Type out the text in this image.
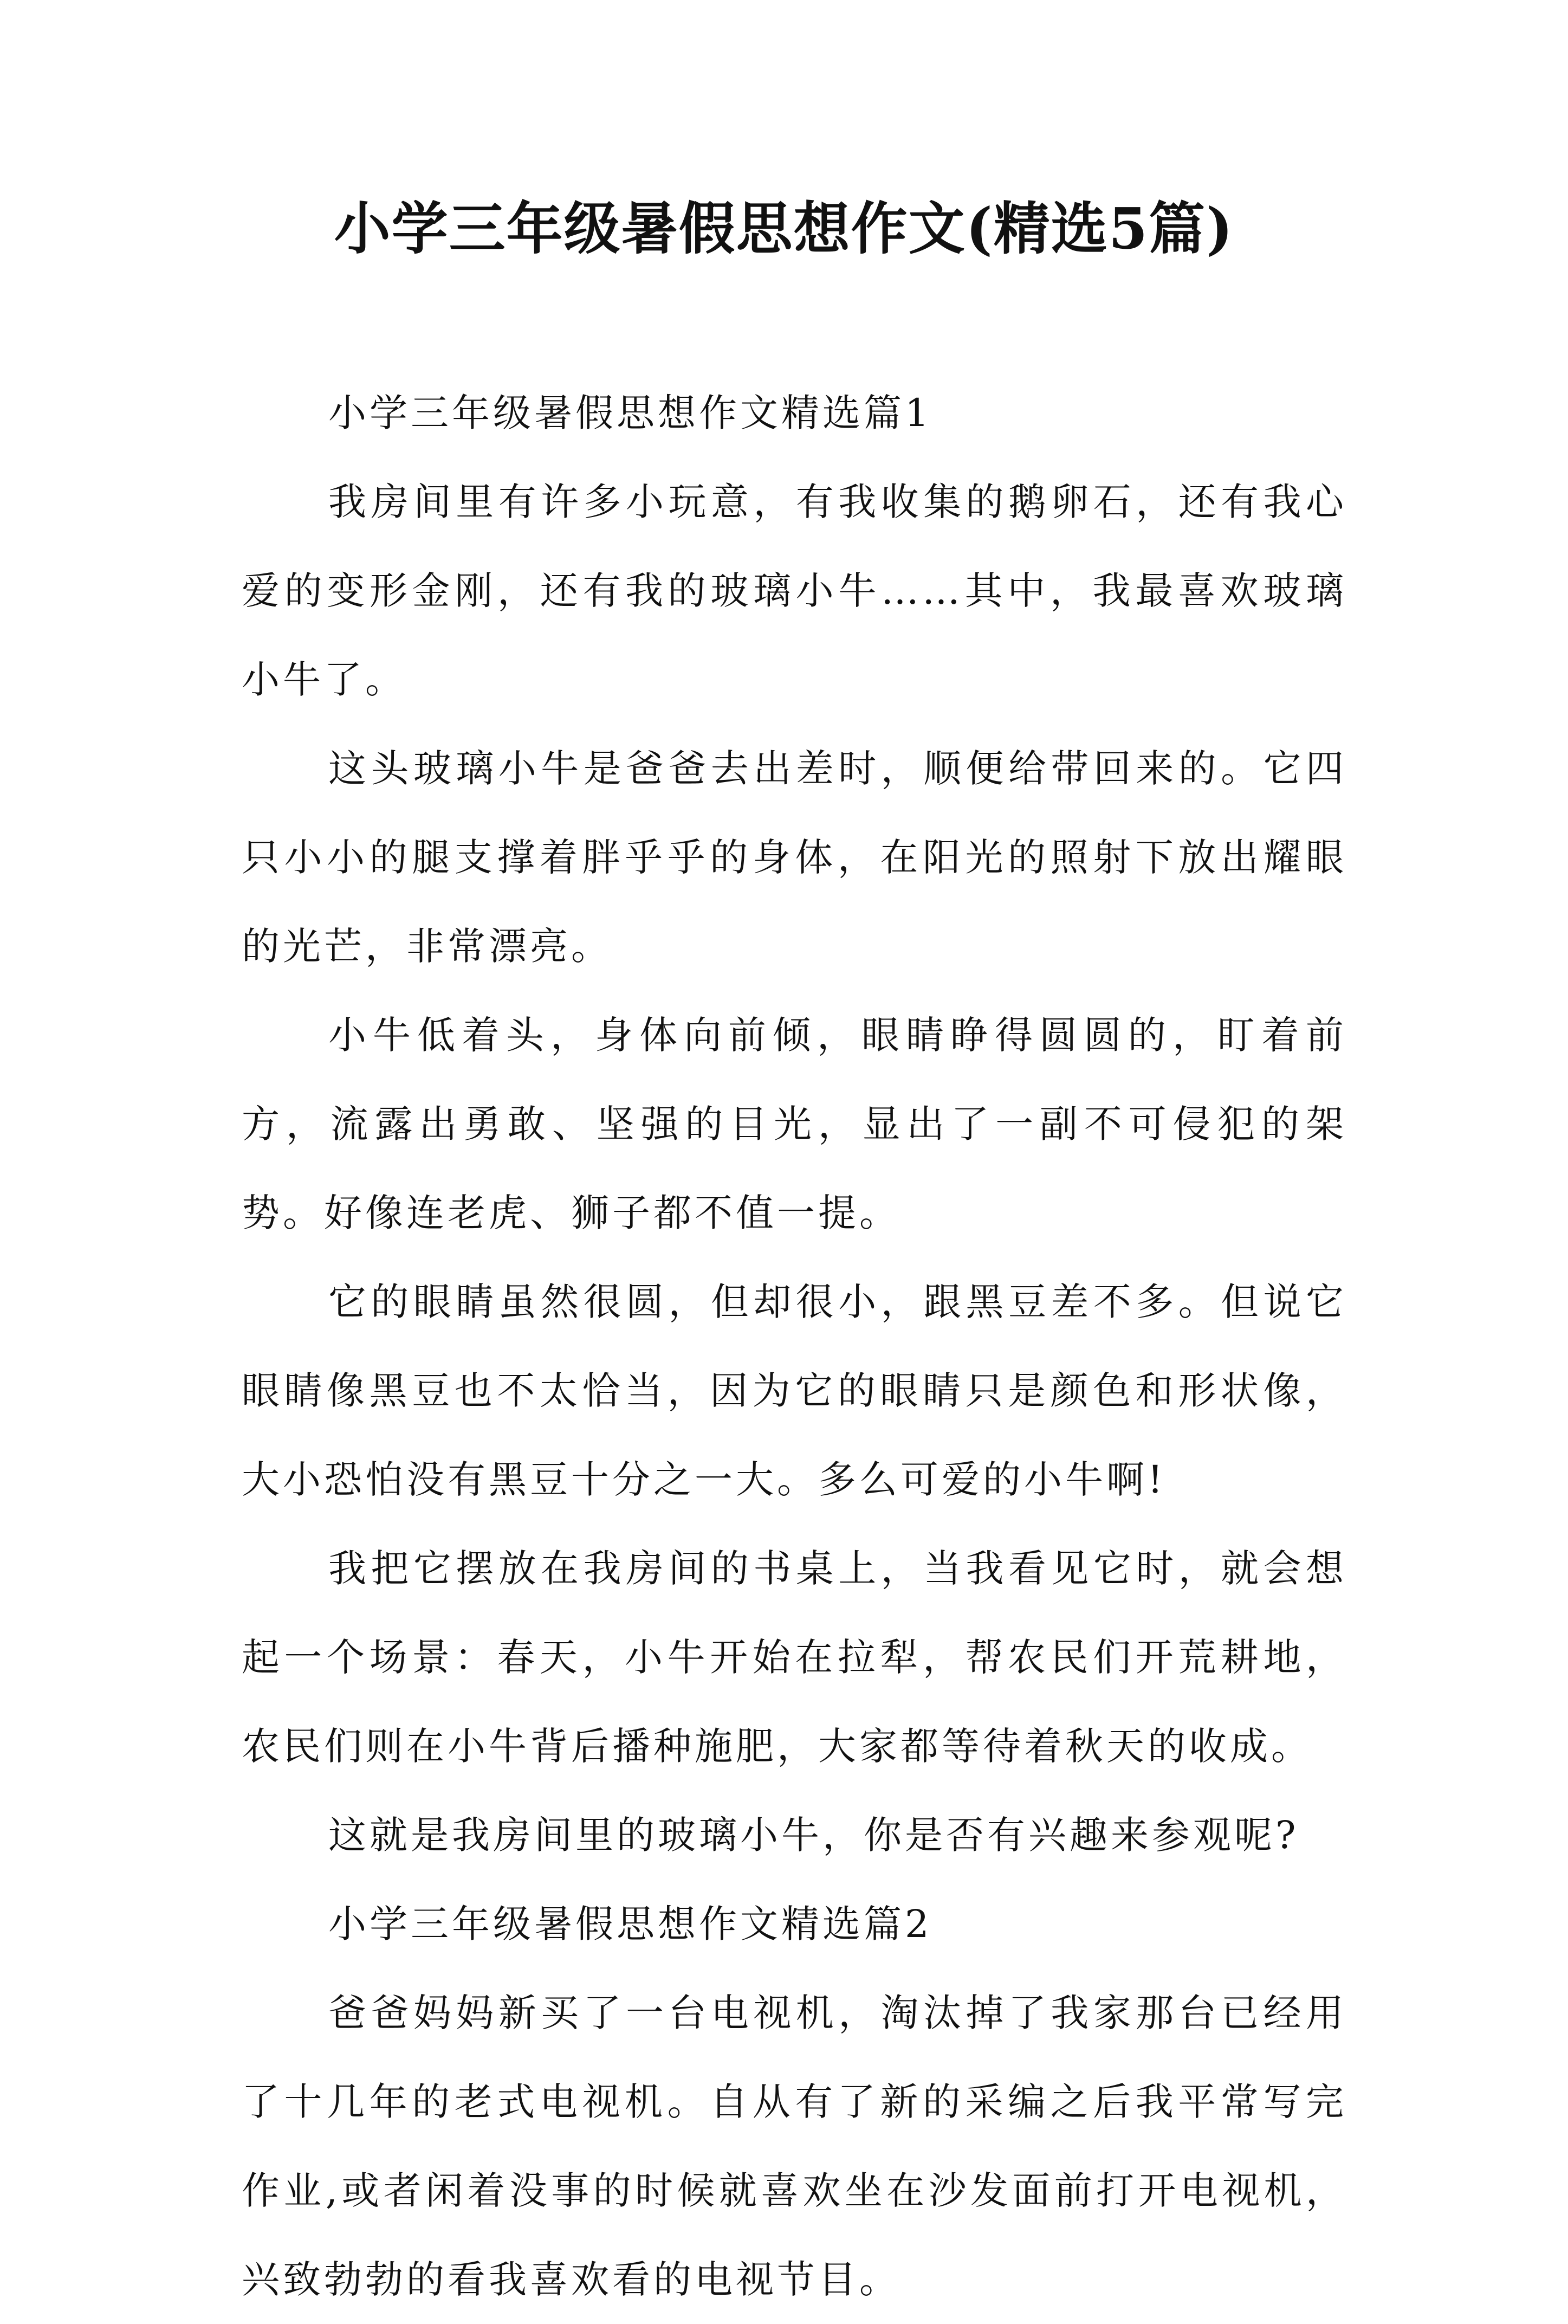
小学三年级暑假思想作文(精选5篇)

小学三年级暑假思想作文精选篇1

我房间里有许多小玩意，有我收集的鹅卵石，还有我心爱的变形金刚，还有我的玻璃小牛……其中，我最喜欢玻璃小牛了。

这头玻璃小牛是爸爸去出差时，顺便给带回来的。它四只小小的腿支撑着胖乎乎的身体，在阳光的照射下放出耀眼的光芒，非常漂亮。

小牛低着头，身体向前倾，眼睛睁得圆圆的，盯着前方，流露出勇敢、坚强的目光，显出了一副不可侵犯的架势。好像连老虎、狮子都不值一提。

它的眼睛虽然很圆，但却很小，跟黑豆差不多。但说它眼睛像黑豆也不太恰当，因为它的眼睛只是颜色和形状像，大小恐怕没有黑豆十分之一大。多么可爱的小牛啊!

我把它摆放在我房间的书桌上，当我看见它时，就会想起一个场景：春天，小牛开始在拉犁，帮农民们开荒耕地，农民们则在小牛背后播种施肥，大家都等待着秋天的收成。

这就是我房间里的玻璃小牛，你是否有兴趣来参观呢?

小学三年级暑假思想作文精选篇2

爸爸妈妈新买了一台电视机，淘汰掉了我家那台已经用了十几年的老式电视机。自从有了新的采编之后我平常写完作业,或者闲着没事的时候就喜欢坐在沙发面前打开电视机，兴致勃勃的看我喜欢看的电视节目。
